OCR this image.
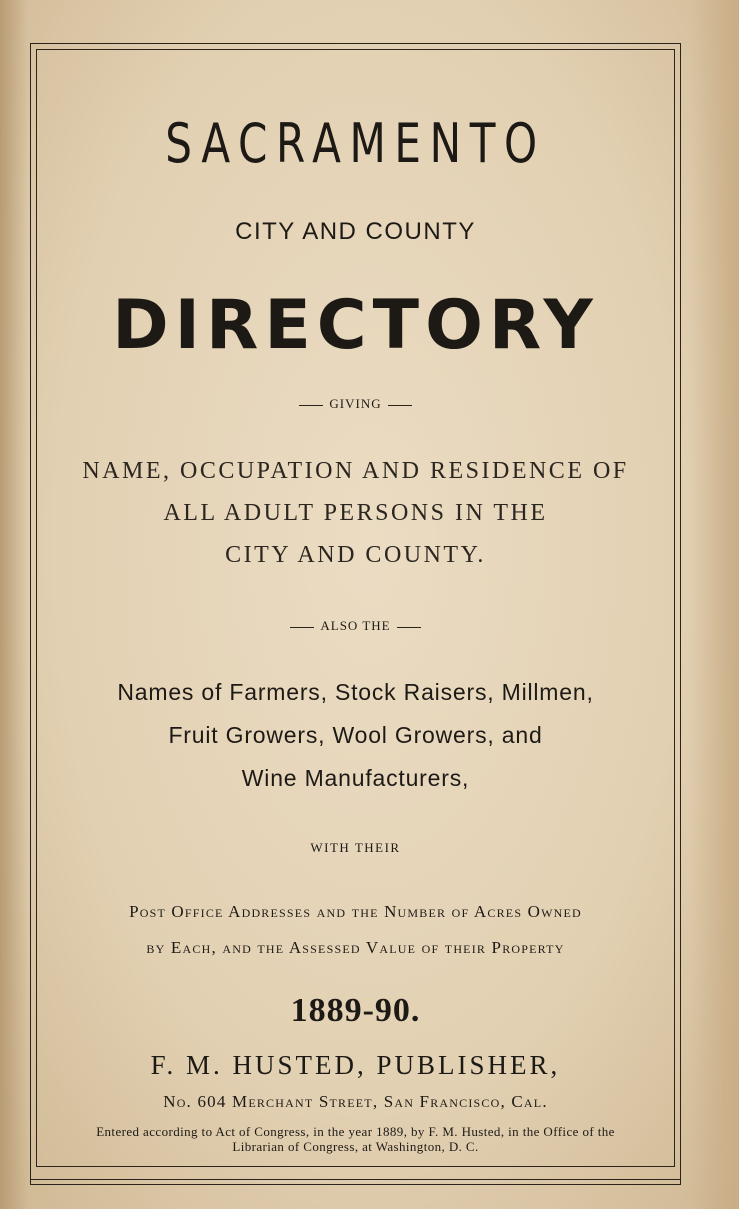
SACRAMENTO
CITY AND COUNTY
DIRECTORY
GIVING
NAME, OCCUPATION AND RESIDENCE OF
ALL ADULT PERSONS IN THE
CITY AND COUNTY.
ALSO THE
Names of Farmers, Stock Raisers, Millmen,
Fruit Growers, Wool Growers, and
Wine Manufacturers,
WITH THEIR
Post Office Addresses and the Number of Acres Owned
by Each, and the Assessed Value of their Property
1889-90.
F. M. HUSTED, PUBLISHER,
No. 604 Merchant Street, San Francisco, Cal.
Entered according to Act of Congress, in the year 1889, by F. M. Husted, in the Office of the
Librarian of Congress, at Washington, D. C.
